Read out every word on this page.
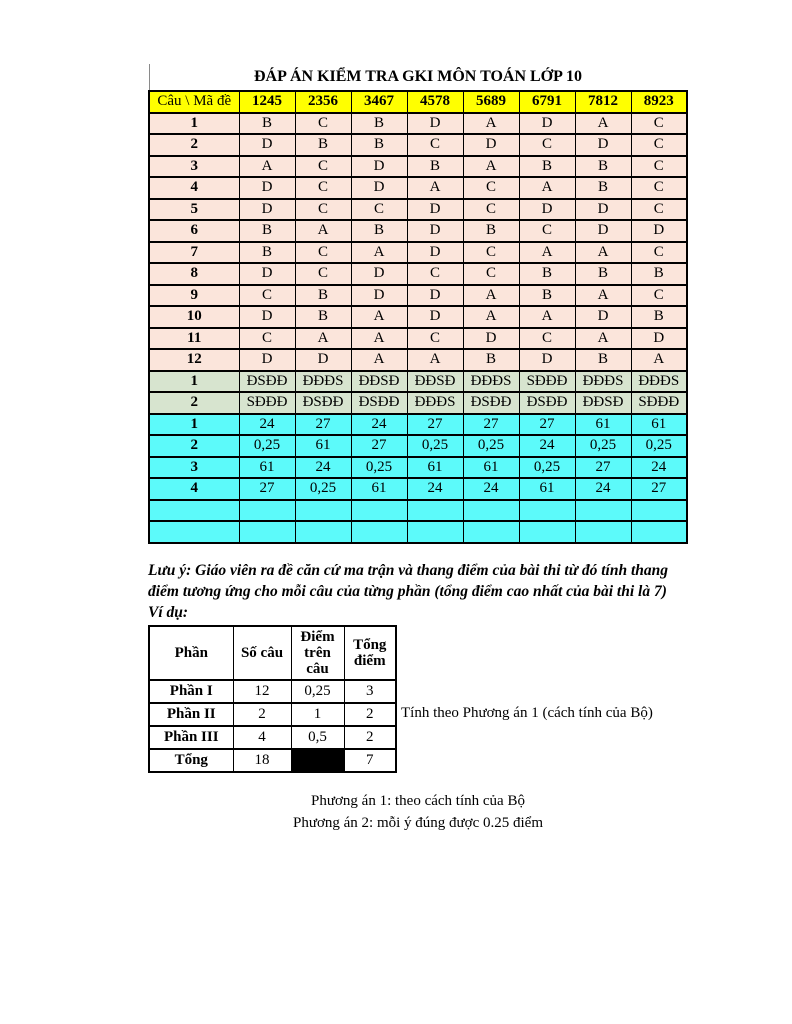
ĐÁP ÁN KIỂM TRA GKI MÔN TOÁN LỚP 10
Câu \ Mã đề	1245	2356	3467	4578	5689	6791	7812	8923
1	B	C	B	D	A	D	A	C
2	D	B	B	C	D	C	D	C
3	A	C	D	B	A	B	B	C
4	D	C	D	A	C	A	B	C
5	D	C	C	D	C	D	D	C
6	B	A	B	D	B	C	D	D
7	B	C	A	D	C	A	A	C
8	D	C	D	C	C	B	B	B
9	C	B	D	D	A	B	A	C
10	D	B	A	D	A	A	D	B
11	C	A	A	C	D	C	A	D
12	D	D	A	A	B	D	B	A
1	ĐSĐĐ	ĐĐĐS	ĐĐSĐ	ĐĐSĐ	ĐĐĐS	SĐĐĐ	ĐĐĐS	ĐĐĐS
2	SĐĐĐ	ĐSĐĐ	ĐSĐĐ	ĐĐĐS	ĐSĐĐ	ĐSĐĐ	ĐĐSĐ	SĐĐĐ
1	24	27	24	27	27	27	61	61
2	0,25	61	27	0,25	0,25	24	0,25	0,25
3	61	24	0,25	61	61	0,25	27	24
4	27	0,25	61	24	24	61	24	27

Lưu ý: Giáo viên ra đề căn cứ ma trận và thang điểm của bài thi từ đó tính thang điểm tương ứng cho mỗi câu của từng phần (tổng điểm cao nhất của bài thi là 7)
Ví dụ:
Phần	Số câu	Điểm trên câu	Tổng điểm
Phần I	12	0,25	3
Phần II	2	1	2
Phần III	4	0,5	2
Tổng	18		7
Tính theo Phương án 1 (cách tính của Bộ)
Phương án 1: theo cách tính của Bộ
Phương án 2: mỗi ý đúng được 0.25 điểm
